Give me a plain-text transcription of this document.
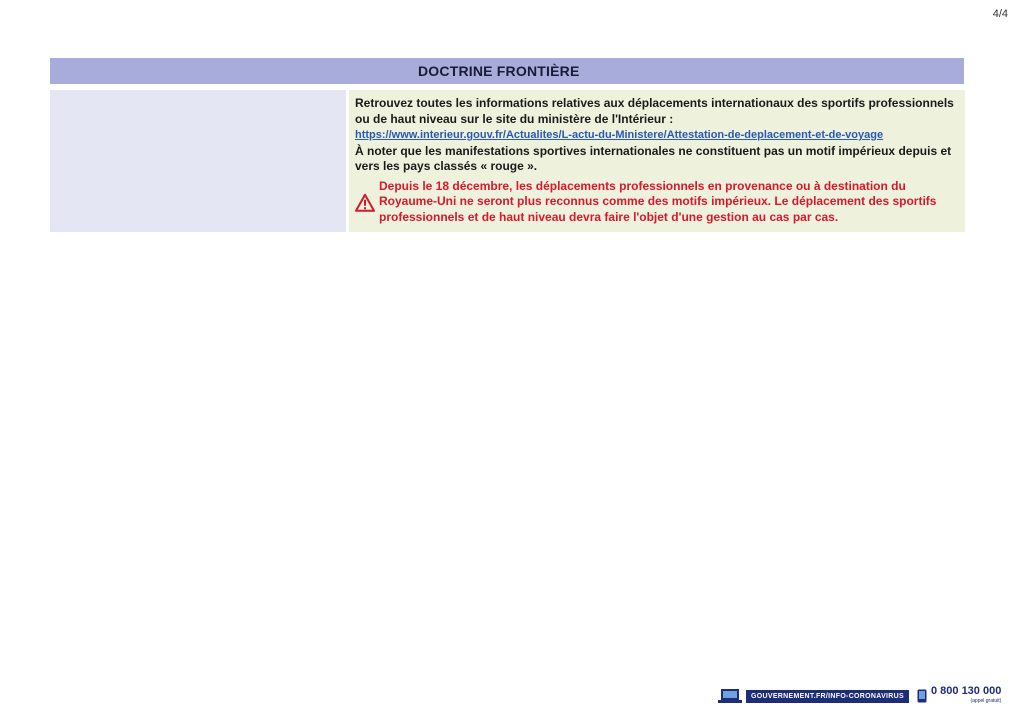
4/4
DOCTRINE FRONTIÈRE

Retrouvez toutes les informations relatives aux déplacements internationaux des sportifs professionnels ou de haut niveau sur le site du ministère de l'Intérieur :

https://www.interieur.gouv.fr/Actualites/L-actu-du-Ministere/Attestation-de-deplacement-et-de-voyage

À noter que les manifestations sportives internationales ne constituent pas un motif impérieux depuis et vers les pays classés « rouge ».

Depuis le 18 décembre, les déplacements professionnels en provenance ou à destination du Royaume-Uni ne seront plus reconnus comme des motifs impérieux. Le déplacement des sportifs professionnels et de haut niveau devra faire l'objet d'une gestion au cas par cas.
GOUVERNEMENT.FR/INFO-CORONAVIRUS	0 800 130 000
(appel gratuit)
